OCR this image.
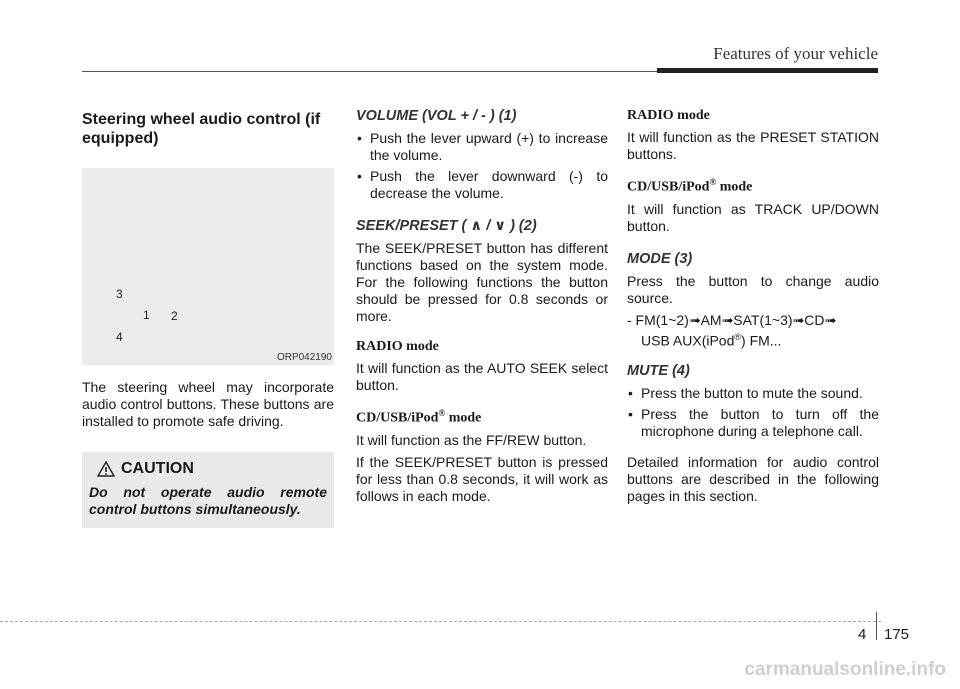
Features of your vehicle
Steering wheel audio control (if equipped)
3
1 2
4
ORP042190

The steering wheel may incorporate audio control buttons. These buttons are installed to promote safe driving.

CAUTION

Do not operate audio remote control buttons simultaneously.

VOLUME (VOL + / - ) (1)
• Push the lever upward (+) to increase the volume.
• Push the lever downward (-) to decrease the volume.
SEEK/PRESET ( ∧ / ∨ ) (2)

The SEEK/PRESET button has different functions based on the system mode. For the following functions the button should be pressed for 0.8 seconds or more.

RADIO mode

It will function as the AUTO SEEK select button.

CD/USB/iPod® mode

It will function as the FF/REW button.

If the SEEK/PRESET button is pressed for less than 0.8 seconds, it will work as follows in each mode.

RADIO mode

It will function as the PRESET STATION buttons.

CD/USB/iPod® mode

It will function as TRACK UP/DOWN button.

MODE (3)

Press the button to change audio source.

- FM(1~2)➟AM➟SAT(1~3)➟CD➟
USB AUX(iPod®) FM...
MUTE (4)
• Press the button to mute the sound.
• Press the button to turn off the microphone during a telephone call.

Detailed information for audio control buttons are described in the following pages in this section.

4 175
carmanualsonline.info
